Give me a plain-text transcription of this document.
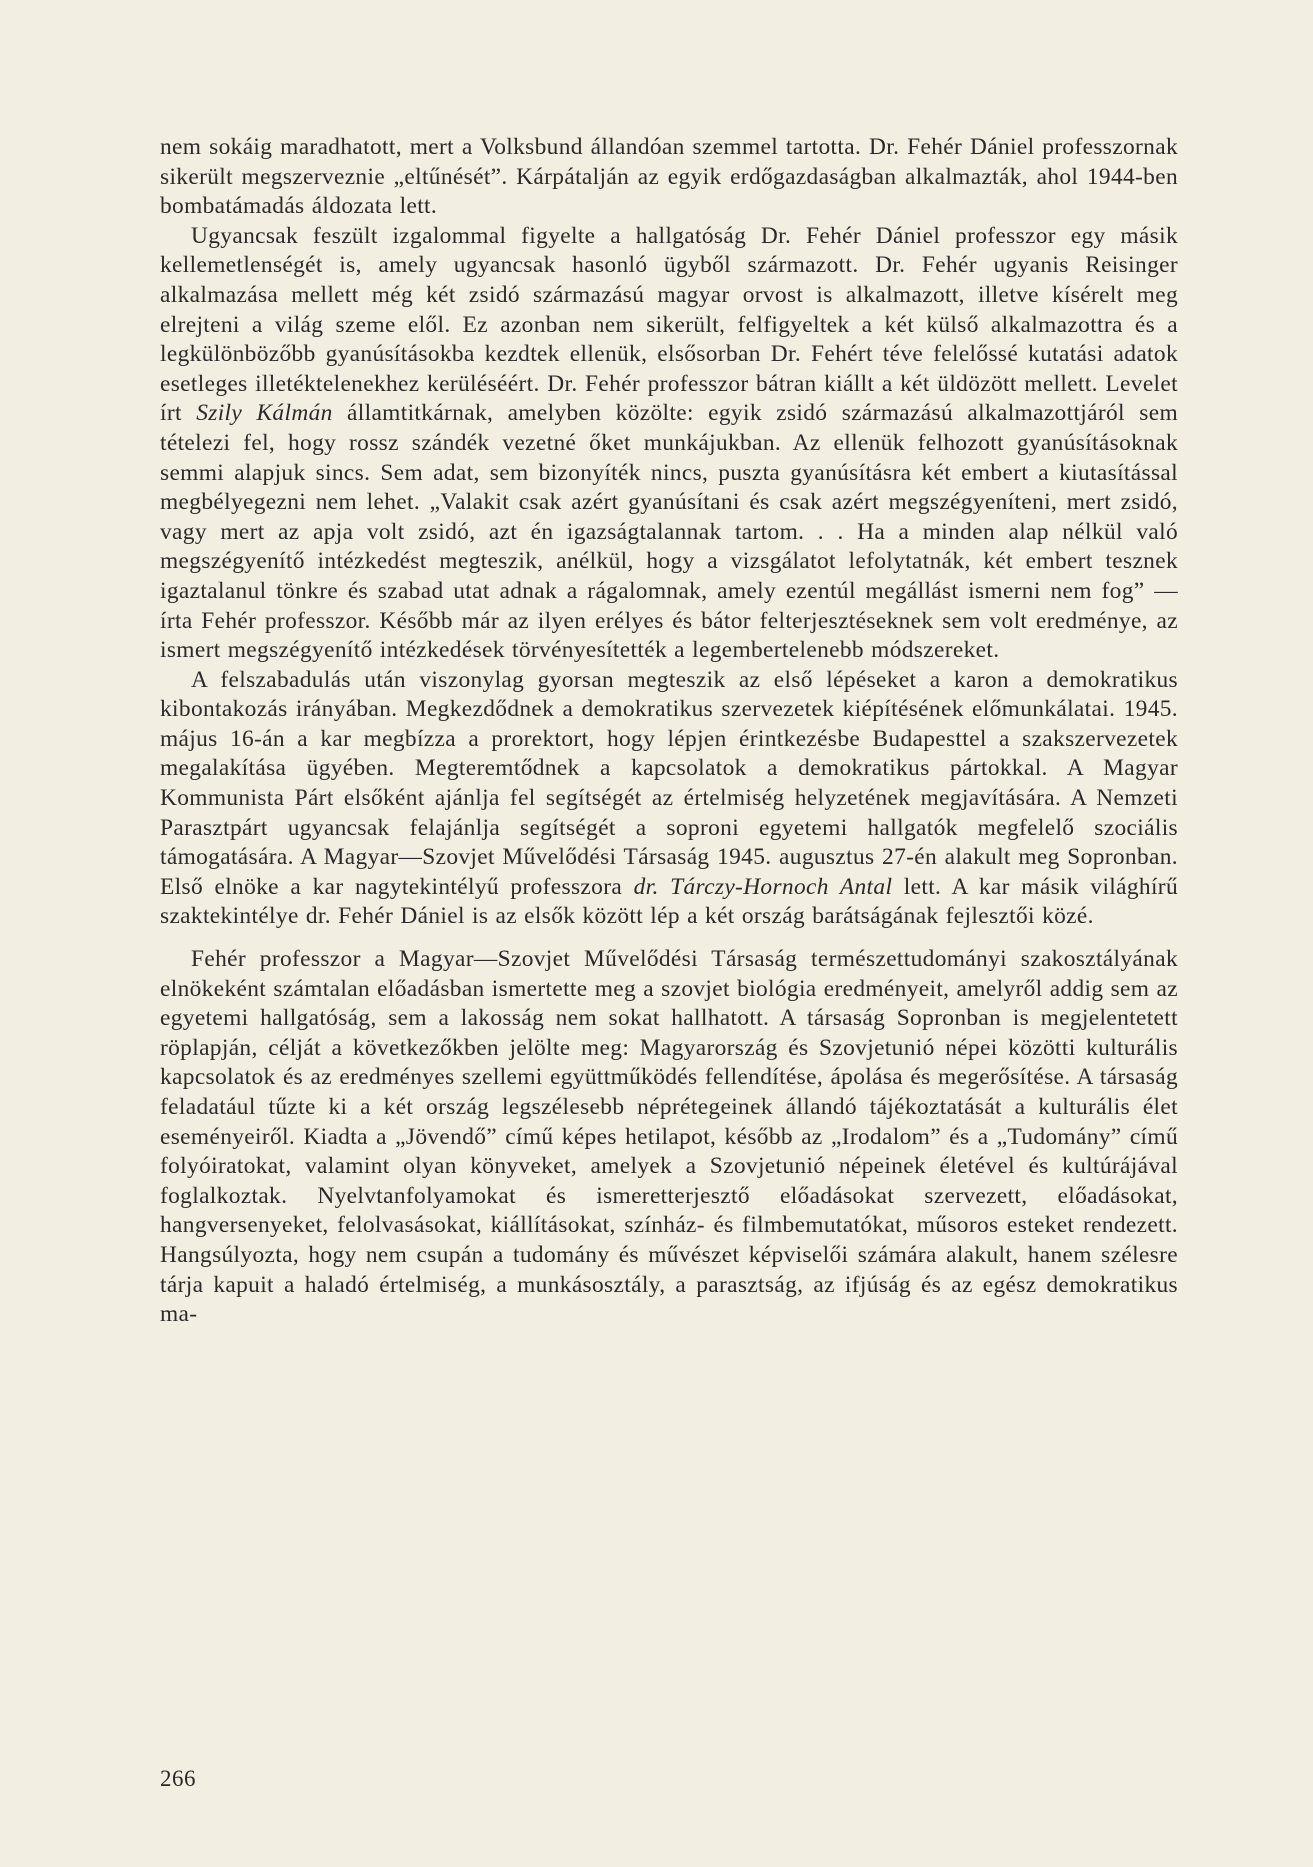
nem sokáig maradhatott, mert a Volksbund állandóan szemmel tartotta. Dr. Fehér Dániel professzornak sikerült megszerveznie „eltűnését”. Kárpátalján az egyik erdőgazdaságban alkalmazták, ahol 1944-ben bombatámadás áldozata lett.

Ugyancsak feszült izgalommal figyelte a hallgatóság Dr. Fehér Dániel professzor egy másik kellemetlenségét is, amely ugyancsak hasonló ügyből származott. Dr. Fehér ugyanis Reisinger alkalmazása mellett még két zsidó származású magyar orvost is alkalmazott, illetve kísérelt meg elrejteni a világ szeme elől. Ez azonban nem sikerült, felfigyeltek a két külső alkalmazottra és a legkülönbözőbb gyanúsításokba kezdtek ellenük, elsősorban Dr. Fehért téve felelőssé kutatási adatok esetleges illetéktelenekhez kerüléséért. Dr. Fehér professzor bátran kiállt a két üldözött mellett. Levelet írt Szily Kálmán államtitkárnak, amelyben közölte: egyik zsidó származású alkalmazottjáról sem tételezi fel, hogy rossz szándék vezetné őket munkájukban. Az ellenük felhozott gyanúsításoknak semmi alapjuk sincs. Sem adat, sem bizonyíték nincs, puszta gyanúsításra két embert a kiutasítással megbélyegezni nem lehet. „Valakit csak azért gyanúsítani és csak azért megszégyeníteni, mert zsidó, vagy mert az apja volt zsidó, azt én igazságtalannak tartom. . . Ha a minden alap nélkül való megszégyenítő intézkedést megteszik, anélkül, hogy a vizsgálatot lefolytatnák, két embert tesznek igaztalanul tönkre és szabad utat adnak a rágalomnak, amely ezentúl megállást ismerni nem fog” — írta Fehér professzor. Később már az ilyen erélyes és bátor felterjesztéseknek sem volt eredménye, az ismert megszégyenítő intézkedések törvényesítették a legembertelenebb módszereket.

A felszabadulás után viszonylag gyorsan megteszik az első lépéseket a karon a demokratikus kibontakozás irányában. Megkezdődnek a demokratikus szervezetek kiépítésének előmunkálatai. 1945. május 16-án a kar megbízza a prorektort, hogy lépjen érintkezésbe Budapesttel a szakszervezetek megalakítása ügyében. Megteremtődnek a kapcsolatok a demokratikus pártokkal. A Magyar Kommunista Párt elsőként ajánlja fel segítségét az értelmiség helyzetének megjavítására. A Nemzeti Parasztpárt ugyancsak felajánlja segítségét a soproni egyetemi hallgatók megfelelő szociális támogatására. A Magyar—Szovjet Művelődési Társaság 1945. augusztus 27-én alakult meg Sopronban. Első elnöke a kar nagytekintélyű professzora dr. Tárczy-Hornoch Antal lett. A kar másik világhírű szaktekintélye dr. Fehér Dániel is az elsők között lép a két ország barátságának fejlesztői közé.

Fehér professzor a Magyar—Szovjet Művelődési Társaság természettudományi szakosztályának elnökeként számtalan előadásban ismertette meg a szovjet biológia eredményeit, amelyről addig sem az egyetemi hallgatóság, sem a lakosság nem sokat hallhatott. A társaság Sopronban is megjelentetett röplapján, célját a következőkben jelölte meg: Magyarország és Szovjetunió népei közötti kulturális kapcsolatok és az eredményes szellemi együttműködés fellendítése, ápolása és megerősítése. A társaság feladatául tűzte ki a két ország legszélesebb néprétegeinek állandó tájékoztatását a kulturális élet eseményeiről. Kiadta a „Jövendő” című képes hetilapot, később az „Irodalom” és a „Tudomány” című folyóiratokat, valamint olyan könyveket, amelyek a Szovjetunió népeinek életével és kultúrájával foglalkoztak. Nyelvtanfolyamokat és ismeretterjesztő előadásokat szervezett, előadásokat, hangversenyeket, felolvasásokat, kiállításokat, színház- és filmbemutatókat, műsoros esteket rendezett. Hangsúlyozta, hogy nem csupán a tudomány és művészet képviselői számára alakult, hanem szélesre tárja kapuit a haladó értelmiség, a munkásosztály, a parasztság, az ifjúság és az egész demokratikus ma-

266
